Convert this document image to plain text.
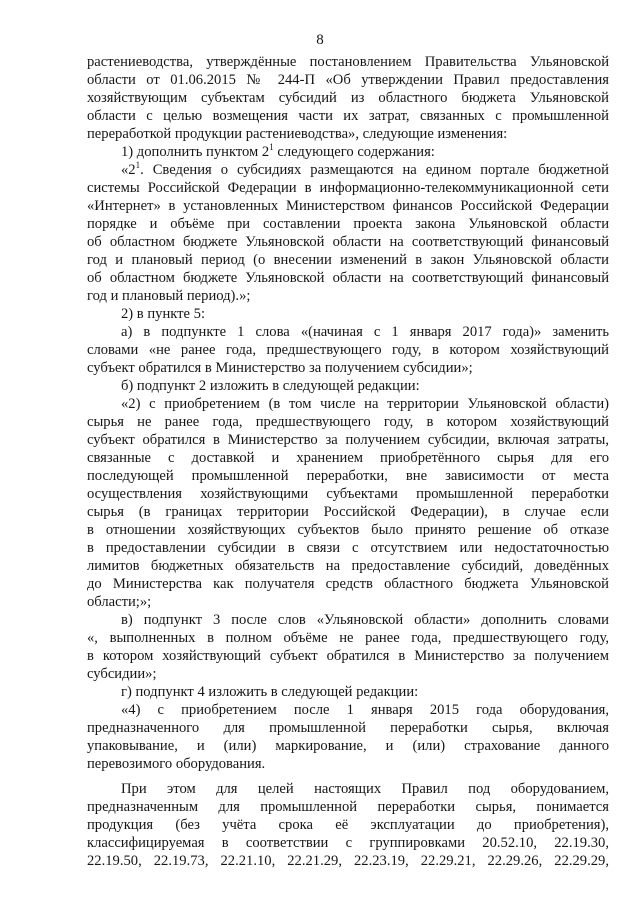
8

растениеводства, утверждённые постановлением Правительства Ульяновской

области от 01.06.2015 № 244-П «Об утверждении Правил предоставления

хозяйствующим субъектам субсидий из областного бюджета Ульяновской

области с целью возмещения части их затрат, связанных с промышленной

переработкой продукции растениеводства», следующие изменения:

1) дополнить пунктом $2^1$ следующего содержания:

«$2^1$. Сведения о субсидиях размещаются на едином портале бюджетной

системы Российской Федерации в информационно-телекоммуникационной сети

«Интернет» в установленных Министерством финансов Российской Федерации

порядке и объёме при составлении проекта закона Ульяновской области

об областном бюджете Ульяновской области на соответствующий финансовый

год и плановый период (о внесении изменений в закон Ульяновской области

об областном бюджете Ульяновской области на соответствующий финансовый

год и плановый период).»;

2) в пункте 5:

а) в подпункте 1 слова «(начиная с 1 января 2017 года)» заменить

словами «не ранее года, предшествующего году, в котором хозяйствующий

субъект обратился в Министерство за получением субсидии»;

б) подпункт 2 изложить в следующей редакции:

«2) с приобретением (в том числе на территории Ульяновской области)

сырья не ранее года, предшествующего году, в котором хозяйствующий

субъект обратился в Министерство за получением субсидии, включая затраты,

связанные с доставкой и хранением приобретённого сырья для его

последующей промышленной переработки, вне зависимости от места

осуществления хозяйствующими субъектами промышленной переработки

сырья (в границах территории Российской Федерации), в случае если

в отношении хозяйствующих субъектов было принято решение об отказе

в предоставлении субсидии в связи с отсутствием или недостаточностью

лимитов бюджетных обязательств на предоставление субсидий, доведённых

до Министерства как получателя средств областного бюджета Ульяновской

области;»;

в) подпункт 3 после слов «Ульяновской области» дополнить словами

«, выполненных в полном объёме не ранее года, предшествующего году,

в котором хозяйствующий субъект обратился в Министерство за получением

субсидии»;

г) подпункт 4 изложить в следующей редакции:

«4) с приобретением после 1 января 2015 года оборудования,

предназначенного для промышленной переработки сырья, включая

упаковывание, и (или) маркирование, и (или) страхование данного

перевозимого оборудования.

При этом для целей настоящих Правил под оборудованием,

предназначенным для промышленной переработки сырья, понимается

продукция (без учёта срока её эксплуатации до приобретения),

классифицируемая в соответствии с группировками 20.52.10, 22.19.30,

22.19.50, 22.19.73, 22.21.10, 22.21.29, 22.23.19, 22.29.21, 22.29.26, 22.29.29,
